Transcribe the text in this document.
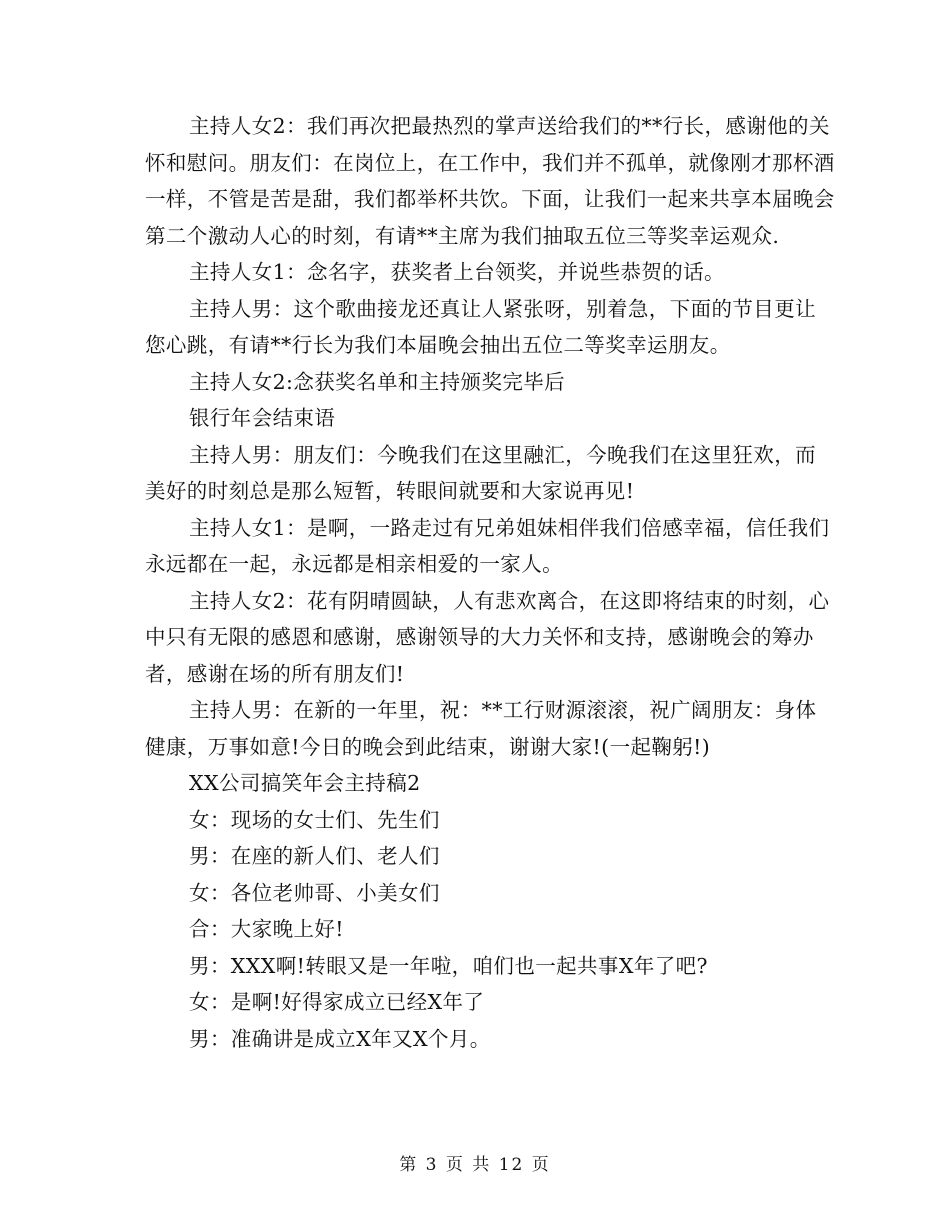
主持人女2：我们再次把最热烈的掌声送给我们的**行长，感谢他的关怀和慰问。朋友们：在岗位上，在工作中，我们并不孤单，就像刚才那杯酒一样，不管是苦是甜，我们都举杯共饮。下面，让我们一起来共享本届晚会第二个激动人心的时刻，有请**主席为我们抽取五位三等奖幸运观众.

主持人女1：念名字，获奖者上台领奖，并说些恭贺的话。

主持人男：这个歌曲接龙还真让人紧张呀，别着急，下面的节目更让您心跳，有请**行长为我们本届晚会抽出五位二等奖幸运朋友。

主持人女2:念获奖名单和主持颁奖完毕后

银行年会结束语

主持人男：朋友们：今晚我们在这里融汇，今晚我们在这里狂欢，而美好的时刻总是那么短暂，转眼间就要和大家说再见!

主持人女1：是啊，一路走过有兄弟姐妹相伴我们倍感幸福，信任我们永远都在一起，永远都是相亲相爱的一家人。

主持人女2：花有阴晴圆缺，人有悲欢离合，在这即将结束的时刻，心中只有无限的感恩和感谢，感谢领导的大力关怀和支持，感谢晚会的筹办者，感谢在场的所有朋友们!

主持人男：在新的一年里，祝：**工行财源滚滚，祝广阔朋友：身体健康，万事如意!今日的晚会到此结束，谢谢大家!(一起鞠躬!)

XX公司搞笑年会主持稿2

女：现场的女士们、先生们

男：在座的新人们、老人们

女：各位老帅哥、小美女们

合：大家晚上好!

男：XXX啊!转眼又是一年啦，咱们也一起共事X年了吧?

女：是啊!好得家成立已经X年了

男：准确讲是成立X年又X个月。

第 3 页 共 12 页
